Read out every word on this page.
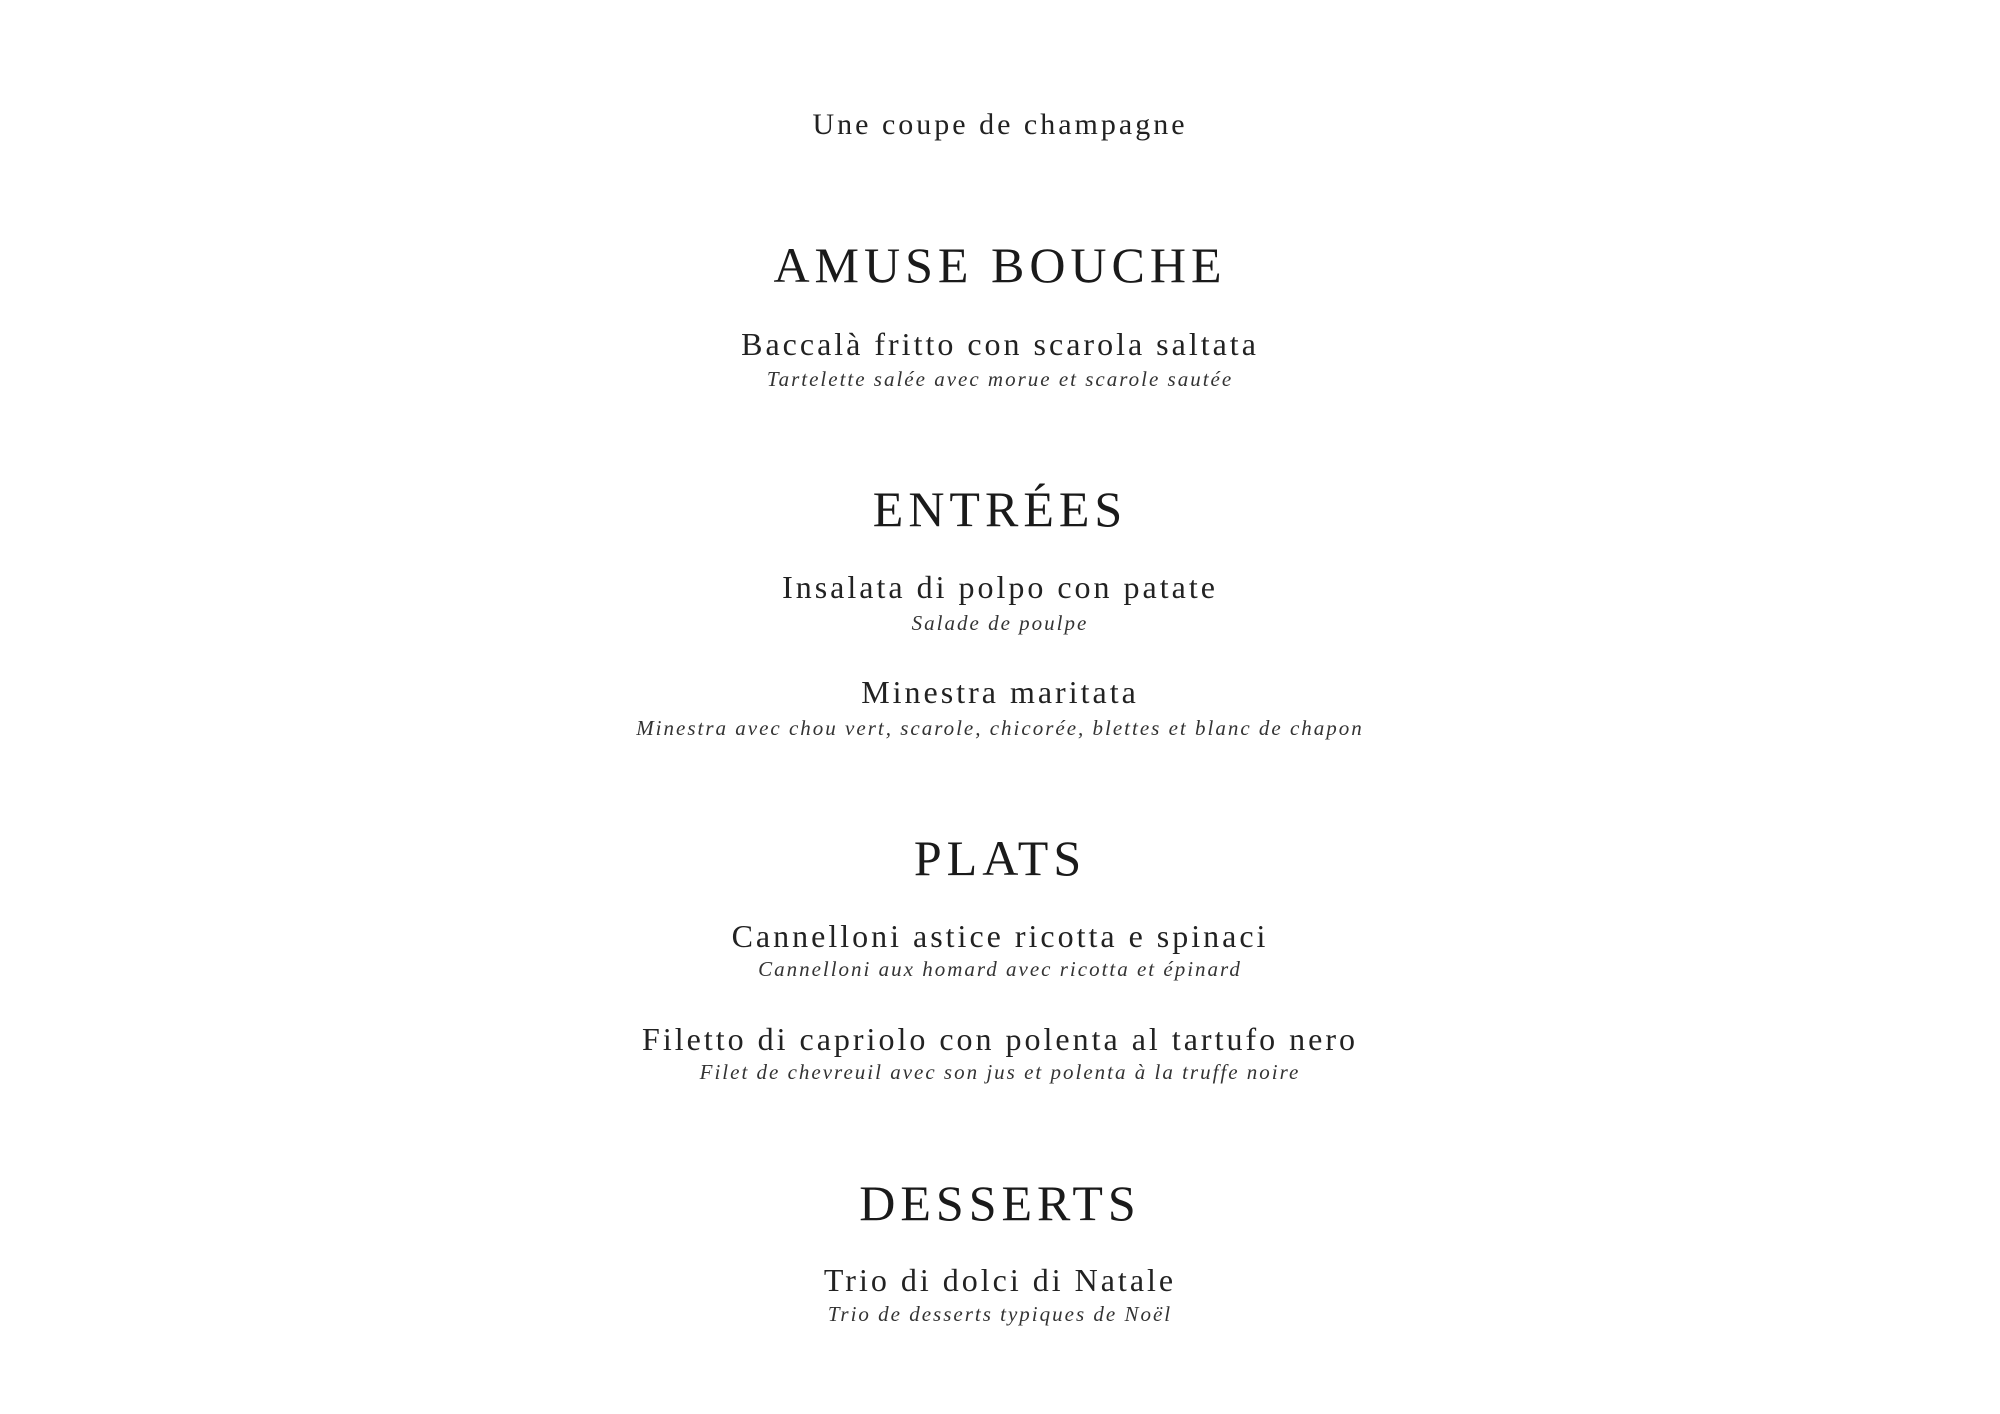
Une coupe de champagne
AMUSE BOUCHE
Baccalà fritto con scarola saltata
Tartelette salée avec morue et scarole sautée
ENTRÉES
Insalata di polpo con patate
Salade de poulpe
Minestra maritata
Minestra avec chou vert, scarole, chicorée, blettes et blanc de chapon
PLATS
Cannelloni astice ricotta e spinaci
Cannelloni aux homard avec ricotta et épinard
Filetto di capriolo con polenta al tartufo nero
Filet de chevreuil avec son jus et polenta à la truffe noire
DESSERTS
Trio di dolci di Natale
Trio de desserts typiques de Noël
